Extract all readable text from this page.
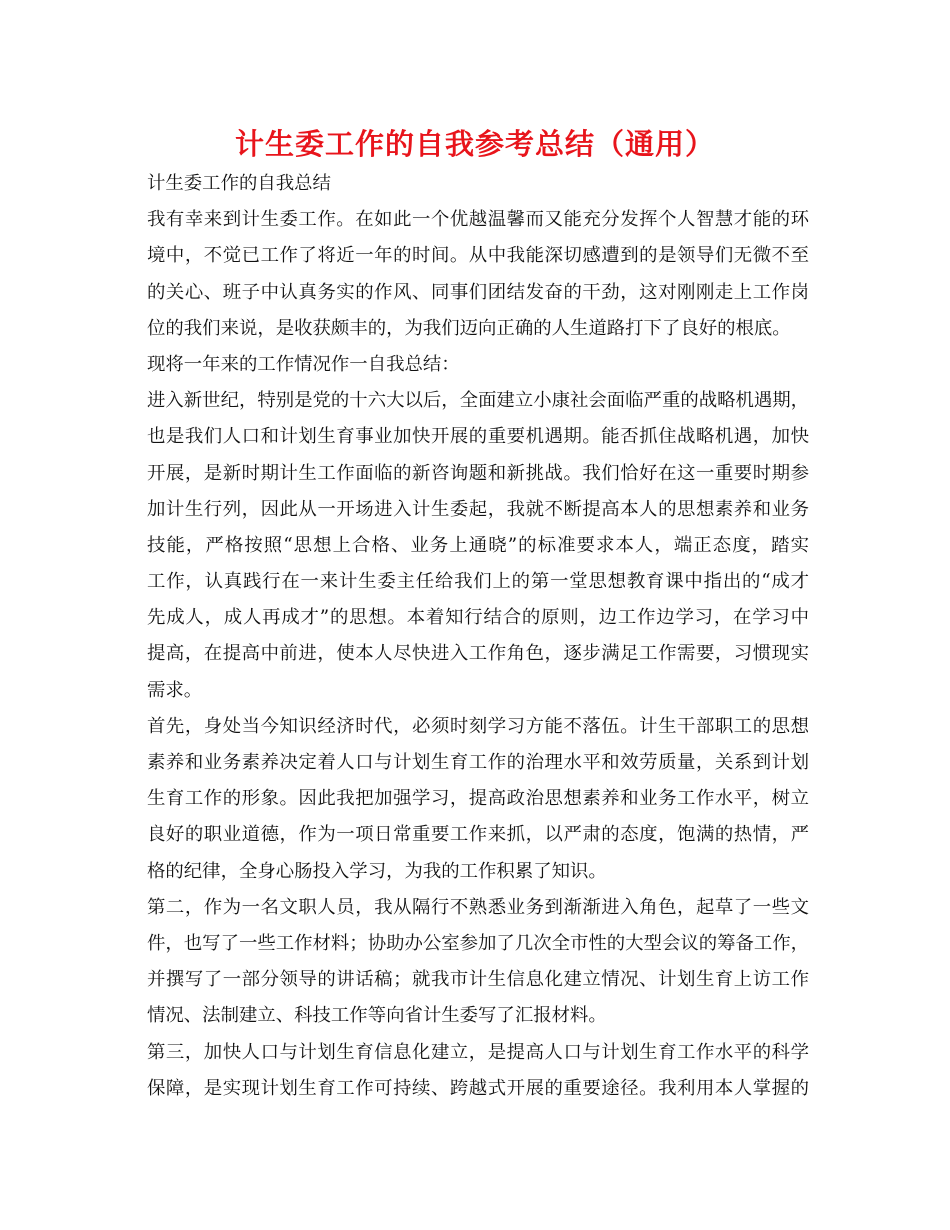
计生委工作的自我参考总结（通用）
计生委工作的自我总结
我有幸来到计生委工作。在如此一个优越温馨而又能充分发挥个人智慧才能的环
境中，不觉已工作了将近一年的时间。从中我能深切感遭到的是领导们无微不至
的关心、班子中认真务实的作风、同事们团结发奋的干劲，这对刚刚走上工作岗
位的我们来说，是收获颇丰的，为我们迈向正确的人生道路打下了良好的根底。
现将一年来的工作情况作一自我总结：
进入新世纪，特别是党的十六大以后，全面建立小康社会面临严重的战略机遇期，
也是我们人口和计划生育事业加快开展的重要机遇期。能否抓住战略机遇，加快
开展，是新时期计生工作面临的新咨询题和新挑战。我们恰好在这一重要时期参
加计生行列，因此从一开场进入计生委起，我就不断提高本人的思想素养和业务
技能，严格按照“思想上合格、业务上通晓”的标准要求本人，端正态度，踏实
工作，认真践行在一来计生委主任给我们上的第一堂思想教育课中指出的“成才
先成人，成人再成才”的思想。本着知行结合的原则，边工作边学习，在学习中
提高，在提高中前进，使本人尽快进入工作角色，逐步满足工作需要，习惯现实
需求。
首先，身处当今知识经济时代，必须时刻学习方能不落伍。计生干部职工的思想
素养和业务素养决定着人口与计划生育工作的治理水平和效劳质量，关系到计划
生育工作的形象。因此我把加强学习，提高政治思想素养和业务工作水平，树立
良好的职业道德，作为一项日常重要工作来抓，以严肃的态度，饱满的热情，严
格的纪律，全身心肠投入学习，为我的工作积累了知识。
第二，作为一名文职人员，我从隔行不熟悉业务到渐渐进入角色，起草了一些文
件，也写了一些工作材料；协助办公室参加了几次全市性的大型会议的筹备工作，
并撰写了一部分领导的讲话稿；就我市计生信息化建立情况、计划生育上访工作
情况、法制建立、科技工作等向省计生委写了汇报材料。
第三，加快人口与计划生育信息化建立，是提高人口与计划生育工作水平的科学
保障，是实现计划生育工作可持续、跨越式开展的重要途径。我利用本人掌握的
